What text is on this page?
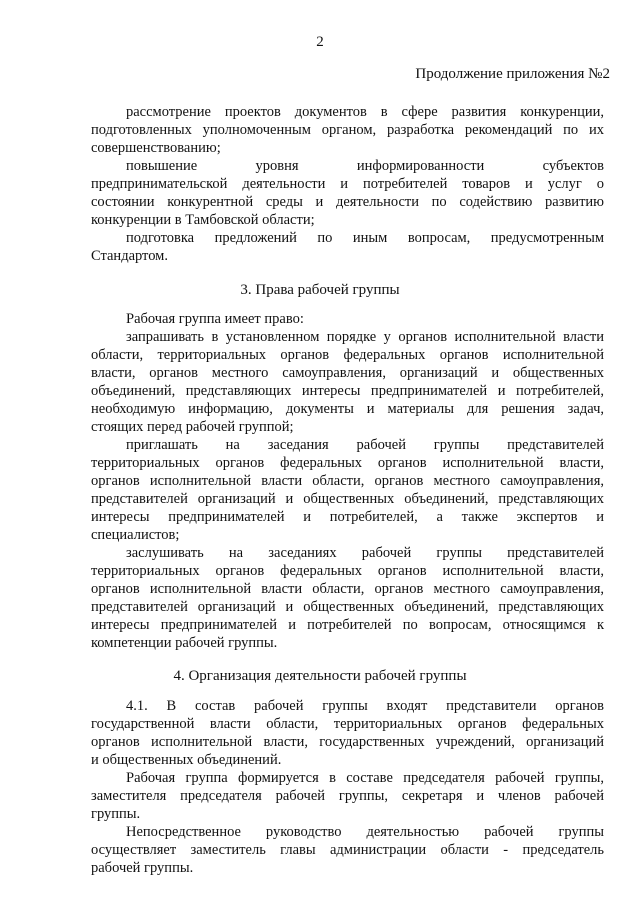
2
Продолжение приложения №2
рассмотрение проектов документов в сфере развития конкуренции,
подготовленных уполномоченным органом, разработка рекомендаций по их
совершенствованию;
повышение уровня информированности субъектов
предпринимательской деятельности и потребителей товаров и услуг о
состоянии конкурентной среды и деятельности по содействию развитию
конкуренции в Тамбовской области;
подготовка предложений по иным вопросам, предусмотренным
Стандартом.
3. Права рабочей группы
Рабочая группа имеет право:
запрашивать в установленном порядке у органов исполнительной власти
области, территориальных органов федеральных органов исполнительной
власти, органов местного самоуправления, организаций и общественных
объединений, представляющих интересы предпринимателей и потребителей,
необходимую информацию, документы и материалы для решения задач,
стоящих перед рабочей группой;
приглашать на заседания рабочей группы представителей
территориальных органов федеральных органов исполнительной власти,
органов исполнительной власти области, органов местного самоуправления,
представителей организаций и общественных объединений, представляющих
интересы предпринимателей и потребителей, а также экспертов и
специалистов;
заслушивать на заседаниях рабочей группы представителей
территориальных органов федеральных органов исполнительной власти,
органов исполнительной власти области, органов местного самоуправления,
представителей организаций и общественных объединений, представляющих
интересы предпринимателей и потребителей по вопросам, относящимся к
компетенции рабочей группы.
4. Организация деятельности рабочей группы
4.1. В состав рабочей группы входят представители органов
государственной власти области, территориальных органов федеральных
органов исполнительной власти, государственных учреждений, организаций
и общественных объединений.
Рабочая группа формируется в составе председателя рабочей группы,
заместителя председателя рабочей группы, секретаря и членов рабочей
группы.
Непосредственное руководство деятельностью рабочей группы
осуществляет заместитель главы администрации области - председатель
рабочей группы.
